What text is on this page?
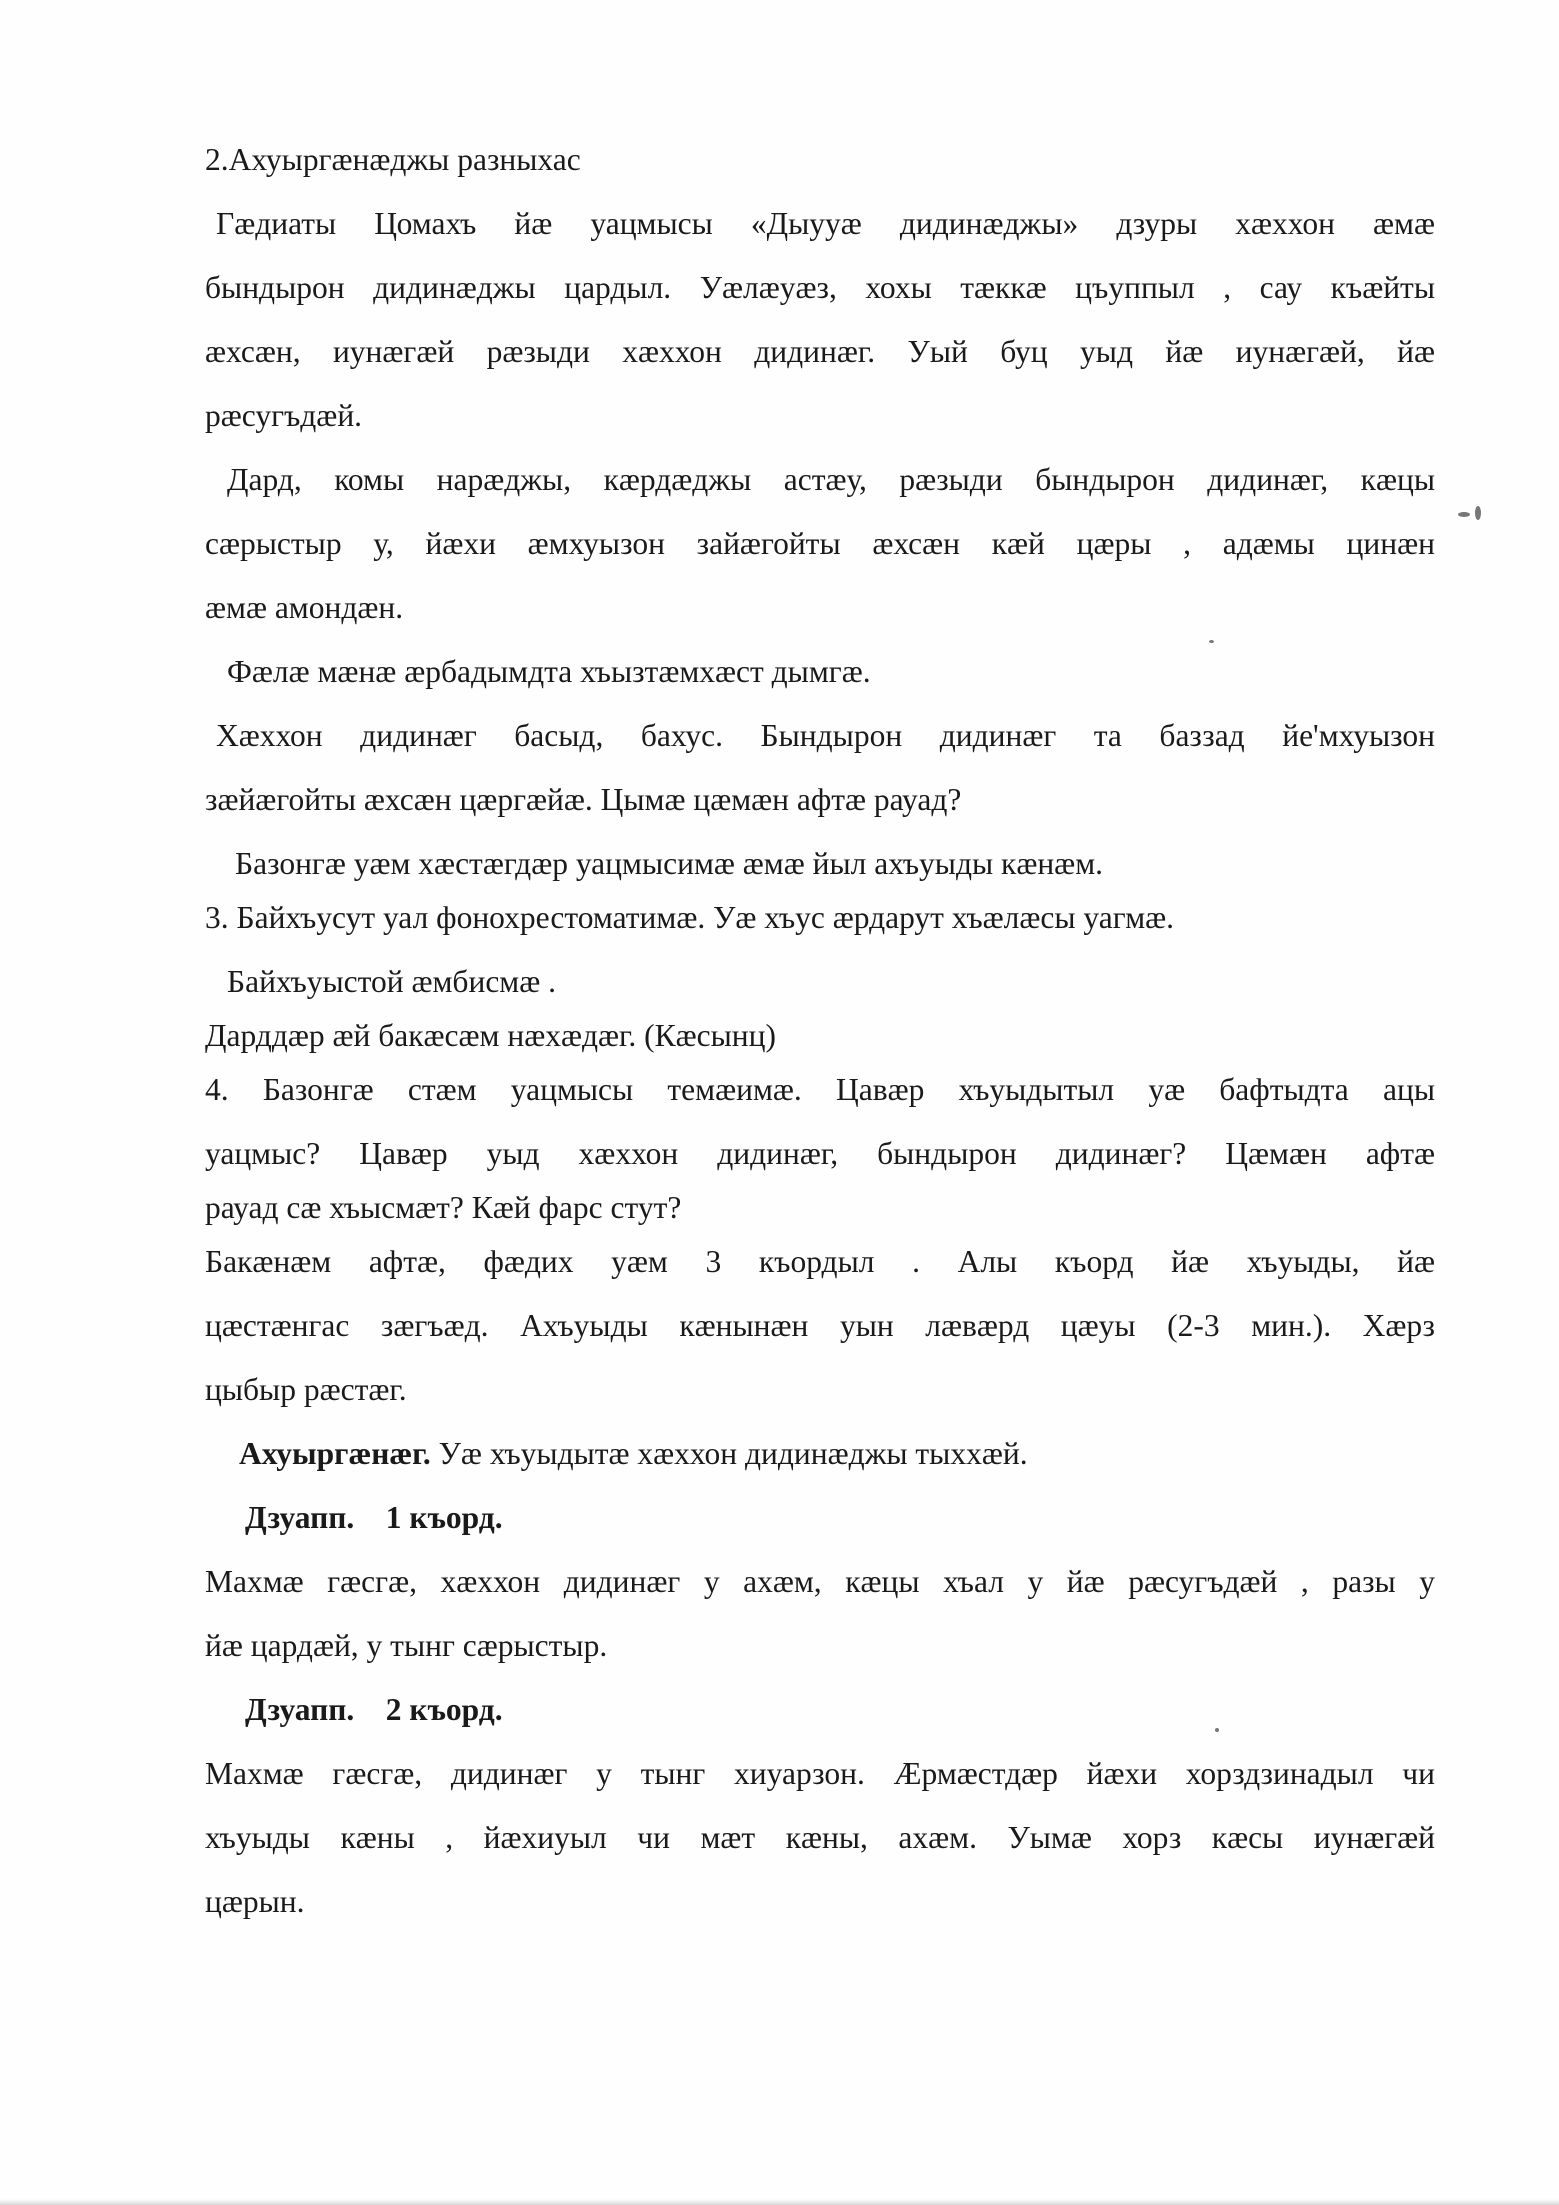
2.Ахуыргæнæджы разныхас
Гæдиаты Цомахъ йæ уацмысы «Дыууæ дидинæджы» дзуры хæххон æмæ
бындырон дидинæджы цардыл. Уæлæуæз, хохы тæккæ цъуппыл , сау къæйты
æхсæн, иунæгæй рæзыди хæххон дидинæг. Уый буц уыд йæ иунæгæй, йæ
рæсугъдæй.
Дард, комы нарæджы, кæрдæджы астæу, рæзыди бындырон дидинæг, кæцы
сæрыстыр у, йæхи æмхуызон зайæгойты æхсæн кæй цæры , адæмы цинæн
æмæ амондæн.
Фæлæ мæнæ æрбадымдта хъызтæмхæст дымгæ.
Хæххон дидинæг басыд, бахус. Бындырон дидинæг та баззад йе'мхуызон
зæйæгойты æхсæн цæргæйæ. Цымæ цæмæн афтæ рауад?
Базонгæ уæм хæстæгдæр уацмысимæ æмæ йыл ахъуыды кæнæм.
3. Байхъусут уал фонохрестоматимæ. Уæ хъус æрдарут хъæлæсы уагмæ.
Байхъуыстой æмбисмæ .
Дарддæр æй бакæсæм нæхæдæг. (Кæсынц)
4. Базонгæ стæм уацмысы темæимæ. Цавæр хъуыдытыл уæ бафтыдта ацы
уацмыс? Цавæр уыд хæххон дидинæг, бындырон дидинæг? Цæмæн афтæ
рауад сæ хъысмæт? Кæй фарс стут?
Бакæнæм афтæ, фæдих уæм 3 къордыл . Алы къорд йæ хъуыды, йæ
цæстæнгас зæгъæд. Ахъуыды кæнынæн уын лæвæрд цæуы (2-3 мин.). Хæрз
цыбыр рæстæг.
Ахуыргæнæг. Уæ хъуыдытæ хæххон дидинæджы тыххæй.
Дзуапп. 1 къорд.
Махмæ гæсгæ, хæххон дидинæг у ахæм, кæцы хъал у йæ рæсугъдæй , разы у
йæ цардæй, у тынг сæрыстыр.
Дзуапп. 2 къорд.
Махмæ гæсгæ, дидинæг у тынг хиуарзон. Æрмæстдæр йæхи хорздзинадыл чи
хъуыды кæны , йæхиуыл чи мæт кæны, ахæм. Уымæ хорз кæсы иунæгæй
цæрын.
